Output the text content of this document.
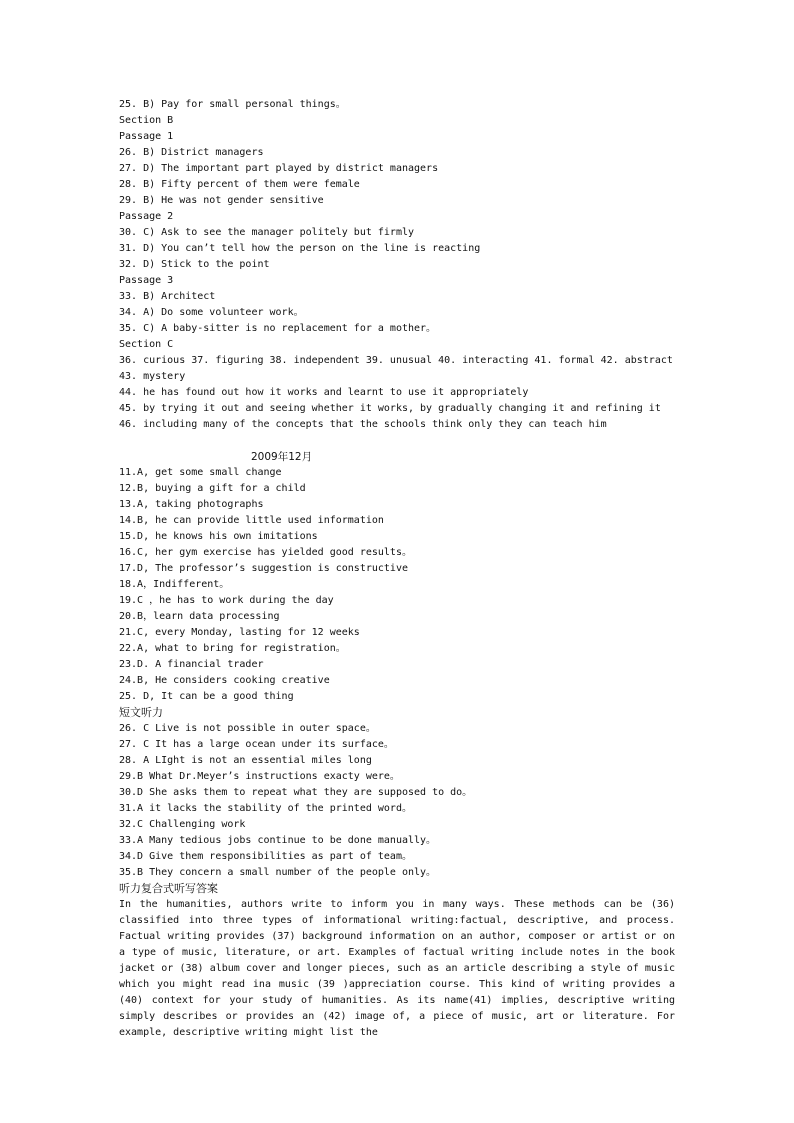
25. B) Pay for small personal things。
Section B
Passage 1
26. B) District managers
27. D) The important part played by district managers
28. B) Fifty percent of them were female
29. B) He was not gender sensitive
Passage 2
30. C) Ask to see the manager politely but firmly
31. D) You can’t tell how the person on the line is reacting
32. D) Stick to the point
Passage 3
33. B) Architect
34. A) Do some volunteer work。
35. C) A baby-sitter is no replacement for a mother。
Section C
36. curious 37. figuring 38. independent 39. unusual 40. interacting 41. formal 42. abstract 43. mystery
44. he has found out how it works and learnt to use it appropriately
45. by trying it out and seeing whether it works, by gradually changing it and refining it
46. including many of the concepts that the schools think only they can teach him
2009年12月
11.A, get some small change
12.B, buying a gift for a child
13.A, taking photographs
14.B, he can provide little used information
15.D, he knows his own imitations
16.C, her gym exercise has yielded good results。
17.D, The professor’s suggestion is constructive
18.A，Indifferent。
19.C ，he has to work during the day
20.B，learn data processing
21.C, every Monday, lasting for 12 weeks
22.A, what to bring for registration。
23.D. A financial trader
24.B, He considers cooking creative
25. D, It can be a good thing
短文听力
26. C Live is not possible in outer space。
27. C It has a large ocean under its surface。
28. A LIght is not an essential miles long
29.B What Dr.Meyer’s instructions exacty were。
30.D She asks them to repeat what they are supposed to do。
31.A it lacks the stability of the printed word。
32.C Challenging work
33.A Many tedious jobs continue to be done manually。
34.D Give them responsibilities as part of team。
35.B They concern a small number of the people only。
听力复合式听写答案
In the humanities, authors write to inform you in many ways. These methods can be (36) classified into three types of informational writing:factual, descriptive, and process. Factual writing provides (37) background information on an author, composer or artist or on a type of music, literature, or art. Examples of factual writing include notes in the book jacket or (38) album cover and longer pieces, such as an article describing a style of music which you might read ina music (39 )appreciation course. This kind of writing provides a (40) context for your study of humanities. As its name(41) implies, descriptive writing simply describes or provides an (42) image of, a piece of music, art or literature. For example, descriptive writing might list the
